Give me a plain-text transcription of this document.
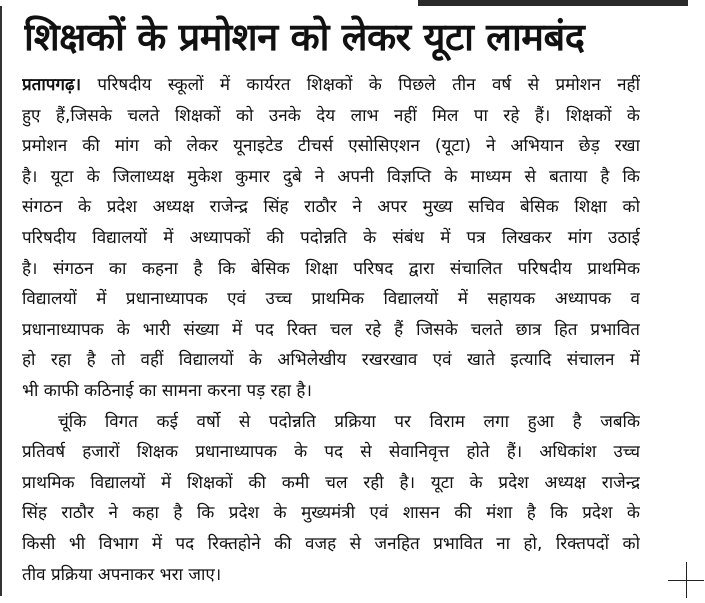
शिक्षकों के प्रमोशन को लेकर यूटा लामबंद
प्रतापगढ़। परिषदीय स्कूलों में कार्यरत शिक्षकों के पिछले तीन वर्ष से प्रमोशन नहीं
हुए हैं,जिसके चलते शिक्षकों को उनके देय लाभ नहीं मिल पा रहे हैं। शिक्षकों के
प्रमोशन की मांग को लेकर यूनाइटेड टीचर्स एसोसिएशन (यूटा) ने अभियान छेड़ रखा
है। यूटा के जिलाध्यक्ष मुकेश कुमार दुबे ने अपनी विज्ञप्ति के माध्यम से बताया है कि
संगठन के प्रदेश अध्यक्ष राजेन्द्र सिंह राठौर ने अपर मुख्य सचिव बेसिक शिक्षा को
परिषदीय विद्यालयों में अध्यापकों की पदोन्नति के संबंध में पत्र लिखकर मांग उठाई
है। संगठन का कहना है कि बेसिक शिक्षा परिषद द्वारा संचालित परिषदीय प्राथमिक
विद्यालयों में प्रधानाध्यापक एवं उच्च प्राथमिक विद्यालयों में सहायक अध्यापक व
प्रधानाध्यापक के भारी संख्या में पद रिक्त चल रहे हैं जिसके चलते छात्र हित प्रभावित
हो रहा है तो वहीं विद्यालयों के अभिलेखीय रखरखाव एवं खाते इत्यादि संचालन में
भी काफी कठिनाई का सामना करना पड़ रहा है।
चूंकि विगत कई वर्षो से पदोन्नति प्रक्रिया पर विराम लगा हुआ है जबकि
प्रतिवर्ष हजारों शिक्षक प्रधानाध्यापक के पद से सेवानिवृत्त होते हैं। अधिकांश उच्च
प्राथमिक विद्यालयों में शिक्षकों की कमी चल रही है। यूटा के प्रदेश अध्यक्ष राजेन्द्र
सिंह राठौर ने कहा है कि प्रदेश के मुख्यमंत्री एवं शासन की मंशा है कि प्रदेश के
किसी भी विभाग में पद रिक्तहोने की वजह से जनहित प्रभावित ना हो, रिक्तपदों को
तीव प्रक्रिया अपनाकर भरा जाए।
